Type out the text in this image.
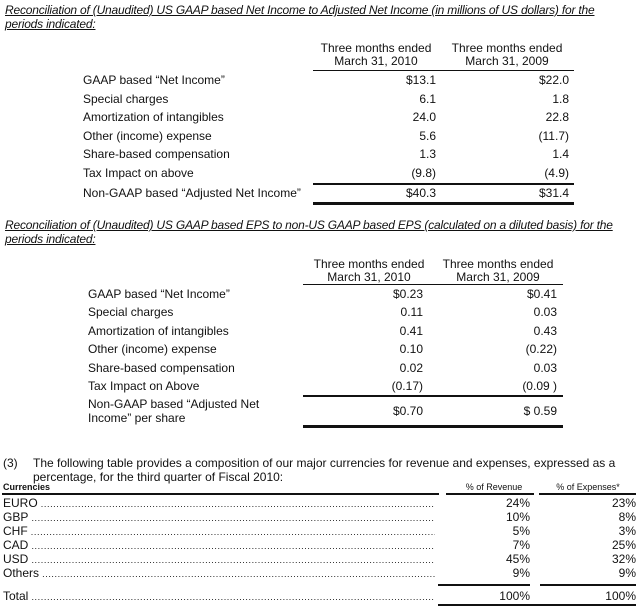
Reconciliation of (Unaudited) US GAAP based Net Income to Adjusted Net Income (in millions of US dollars) for the periods indicated:
Three months ended
March 31, 2010
Three months ended
March 31, 2009
GAAP based “Net Income”	$13.1	$22.0
Special charges	6.1	1.8
Amortization of intangibles	24.0	22.8
Other (income) expense	5.6	(11.7)
Share-based compensation	1.3	1.4
Tax Impact on above	(9.8)	(4.9)
Non-GAAP based “Adjusted Net Income”	$40.3	$31.4
Reconciliation of (Unaudited) US GAAP based EPS to non-US GAAP based EPS (calculated on a diluted basis) for the periods indicated:
Three months ended
March 31, 2010
Three months ended
March 31, 2009
GAAP based “Net Income”	$0.23	$0.41
Special charges	0.11	0.03
Amortization of intangibles	0.41	0.43
Other (income) expense	0.10	(0.22)
Share-based compensation	0.02	0.03
Tax Impact on Above	(0.17)	(0.09 )
Non-GAAP based “Adjusted Net
Income” per share	$0.70	$ 0.59
(3) The following table provides a composition of our major currencies for revenue and expenses, expressed as a
percentage, for the third quarter of Fiscal 2010:
Currencies	% of Revenue	% of Expenses*
EURO .....	24%	23%
GBP .....	10%	8%
CHF .....	5%	3%
CAD .....	7%	25%
USD .....	45%	32%
Others .....	9%	9%
Total .....	100%	100%
